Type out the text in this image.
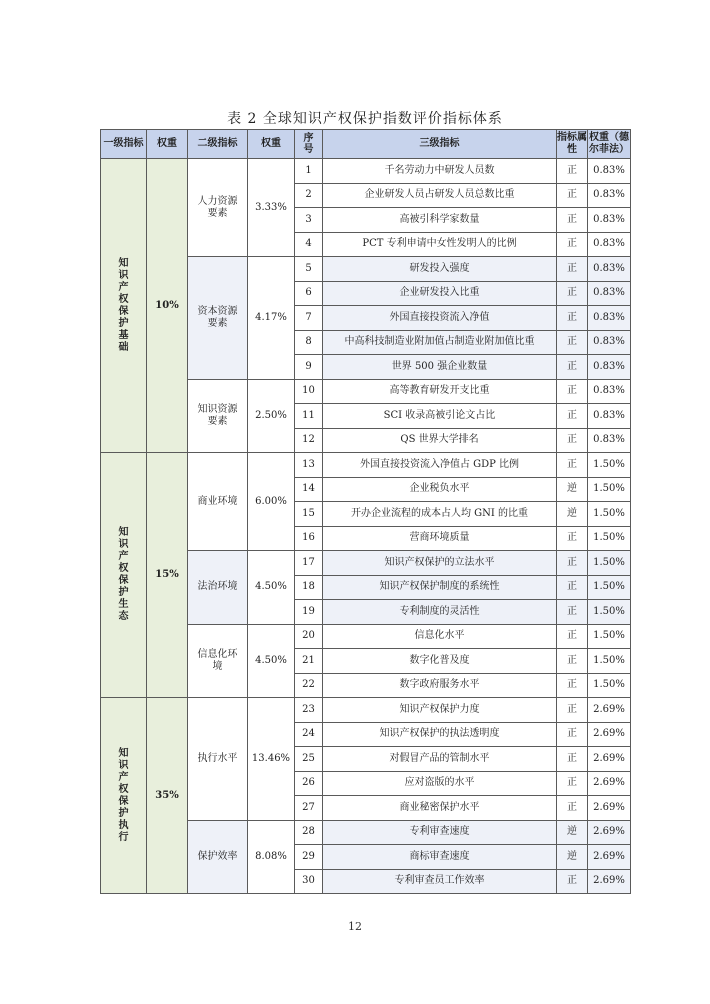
表 2 全球知识产权保护指数评价指标体系
一级指标	权重	二级指标	权重	序号	三级指标	指标属性	权重（德尔菲法）
知识产权保护基础	10%	人力资源要素	3.33%	1	千名劳动力中研发人员数	正	0.83%
				2	企业研发人员占研发人员总数比重	正	0.83%
				3	高被引科学家数量	正	0.83%
				4	PCT 专利申请中女性发明人的比例	正	0.83%
		资本资源要素	4.17%	5	研发投入强度	正	0.83%
				6	企业研发投入比重	正	0.83%
				7	外国直接投资流入净值	正	0.83%
				8	中高科技制造业附加值占制造业附加值比重	正	0.83%
				9	世界 500 强企业数量	正	0.83%
		知识资源要素	2.50%	10	高等教育研发开支比重	正	0.83%
				11	SCI 收录高被引论文占比	正	0.83%
				12	QS 世界大学排名	正	0.83%
知识产权保护生态	15%	商业环境	6.00%	13	外国直接投资流入净值占 GDP 比例	正	1.50%
				14	企业税负水平	逆	1.50%
				15	开办企业流程的成本占人均 GNI 的比重	逆	1.50%
				16	营商环境质量	正	1.50%
		法治环境	4.50%	17	知识产权保护的立法水平	正	1.50%
				18	知识产权保护制度的系统性	正	1.50%
				19	专利制度的灵活性	正	1.50%
		信息化环境	4.50%	20	信息化水平	正	1.50%
				21	数字化普及度	正	1.50%
				22	数字政府服务水平	正	1.50%
知识产权保护执行	35%	执行水平	13.46%	23	知识产权保护力度	正	2.69%
				24	知识产权保护的执法透明度	正	2.69%
				25	对假冒产品的管制水平	正	2.69%
				26	应对盗版的水平	正	2.69%
				27	商业秘密保护水平	正	2.69%
		保护效率	8.08%	28	专利审查速度	逆	2.69%
				29	商标审查速度	逆	2.69%
				30	专利审查员工作效率	正	2.69%
12
